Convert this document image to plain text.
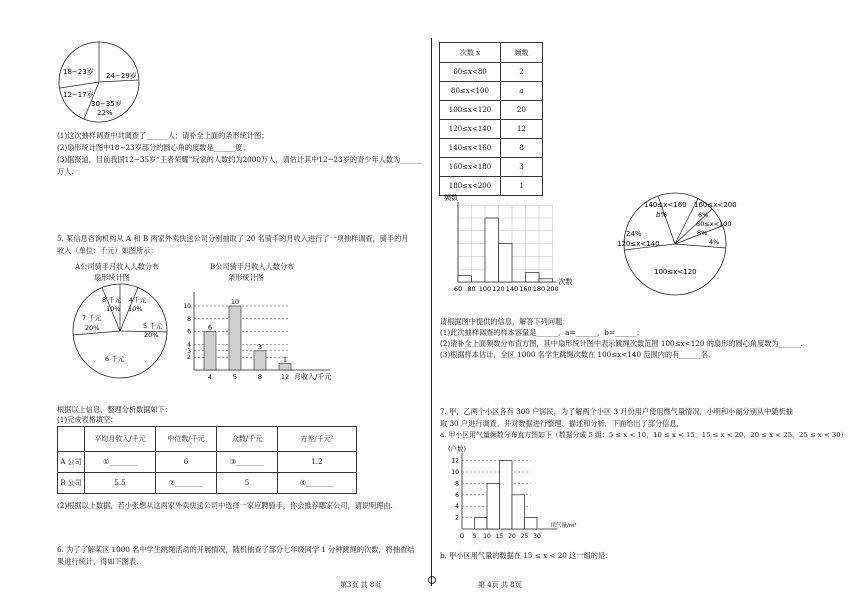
18−23岁 24−29岁
12−17岁
30−35岁
22%
(1)这次抽样调查中共调查了______人；请补全上面的条形统计图；
(2)扇形统计图中18−23岁部分的圆心角的度数是______度；
(3)据报道，目前我国12−35岁“王者荣耀”玩家的人数约为2000万人，请估计其中12−23岁的青少年人数为______
万人.
5. 某信息咨询机构从 A 和 B 两家外卖快送公司分别抽取了 20 名骑手的月收入进行了一项抽样调查，骑手的月
收入（单位：千元）如图所示：
A公司骑手月收入人数分布
扇形统计图
8 千元
10%
4千元
10%
7 千元
20%	5 千元
20%
6 千元
B公司骑手月收入人数分布
条形统计图
2
3
4
6
8
10
6
4
10
5
3
8
1
12 月收入/千元
根据以上信息，整理分析数据如下：
(1)完成表格填空；
	平均月收入/千元	中位数/千元	众数/千元	方差/千元²
A 公司	①________	6	③________	1.2
B 公司	5.5	②________	5	④________
(2)根据以上数据，若小张想从这两家外卖快送公司中选择一家应聘骑手，你会推荐哪家公司，请说明理由.
6. 为了了解某区 1000 名中学生跳绳活动的开展情况，随机抽查了部分七年级同学 1 分钟跳绳的次数，将抽查结
果进行统计，得如下图表.
第3页 共 8页
次数 x	频数
60≤x<80	2
80≤x<100	a
100≤x<120	20
120≤x<140	12
140≤x<160	8
160≤x<180	3
180≤x<200	1
频数
60 80 100 120 140 160 180 200
次数
140≤x<160
b%
160≤x<200
6%
80≤x<100
8%
24%
120≤x<140	4%
100≤x<120
请根据图中提供的信息，解答下列问题：
(1)此次抽样调查的样本容量是______，a=______，b=______；
(2)请补全上面频数分布直方图，其中扇形统计图中表示跳绳次数范围 100≤x<120 的扇形的圆心角度数为______.
(3)根据样本估计，全区 1000 名学生跳绳次数在 100≤x<140 范围内的有______名.
7. 甲，乙两个小区各有 300 户居民，为了解两个小区 3 月份用户使用燃气量情况，小明和小丽分别从中随机抽
取 30 户进行调查，并对数据进行整理、描述和分析．下面给出了部分信息．
a. 甲小区用气量频数分布直方图如下（数据分成 5 组：5 ≤ x < 10，10 ≤ x < 15，15 ≤ x < 20，20 ≤ x < 25，25 ≤ x < 30）
(户数)
2
4
6
8
10
12
O 5 10 15 20 25 30
用气量/m³
b. 甲小区用气量的数据在 15 ≤ x < 20 这一组的是：
第 4页 共 8页
